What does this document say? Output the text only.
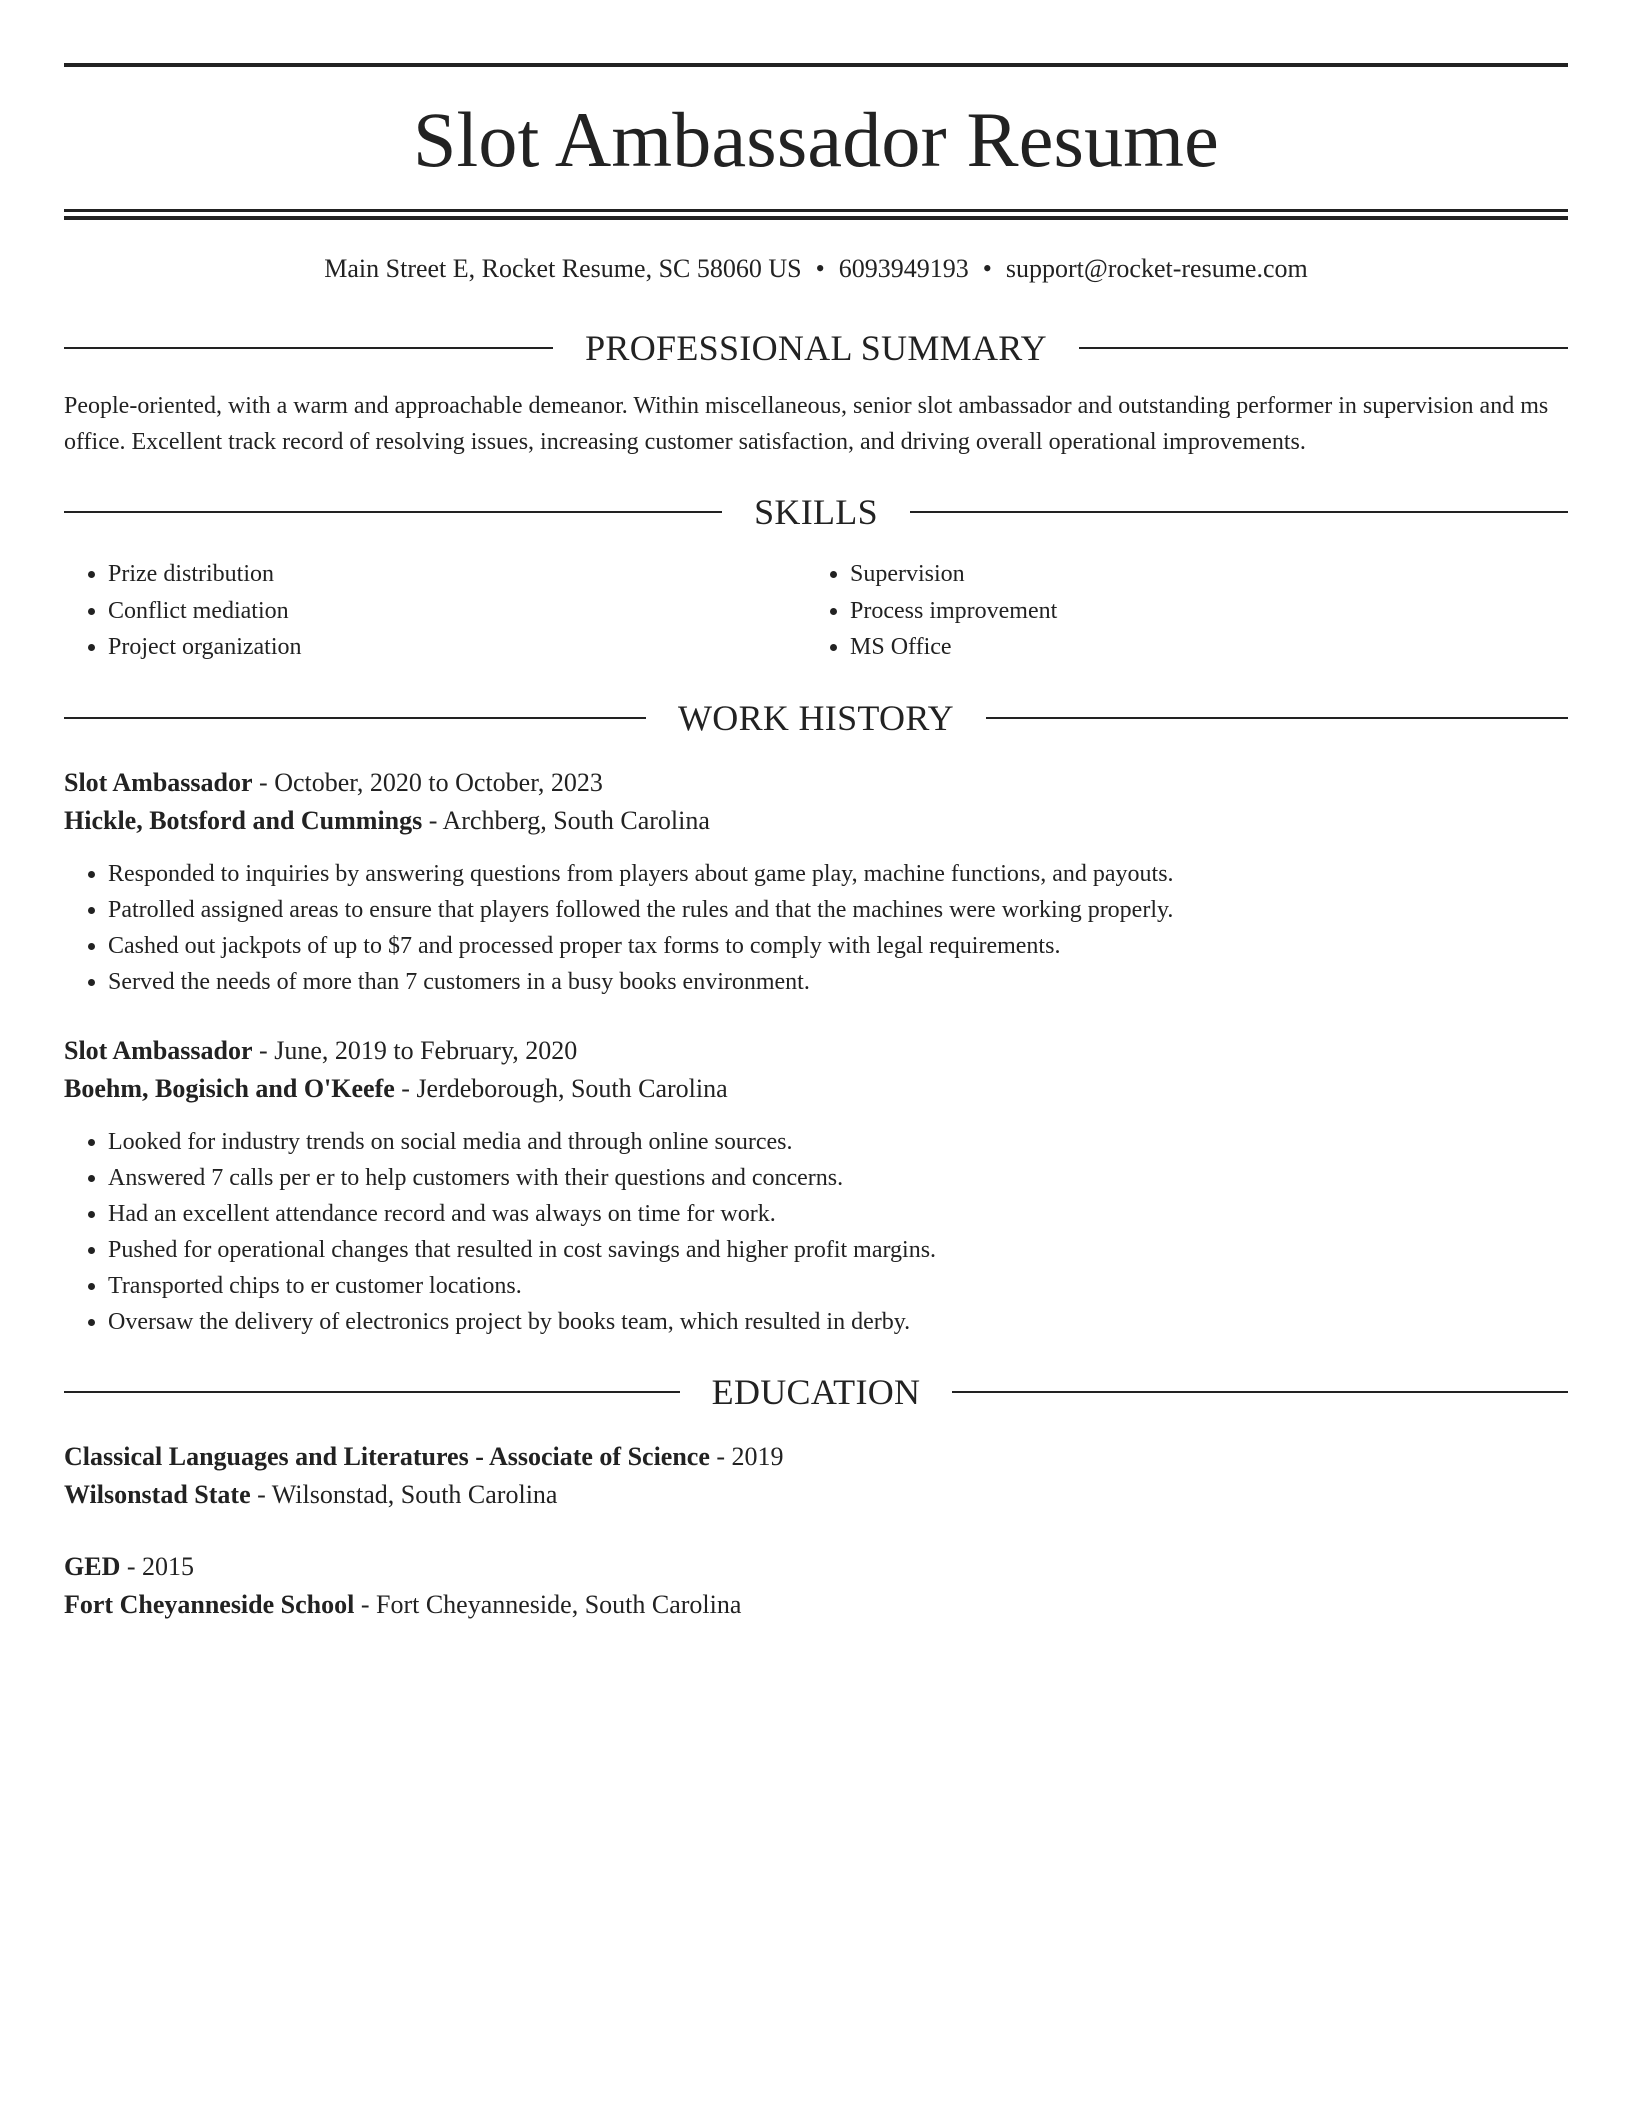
Slot Ambassador Resume
Main Street E, Rocket Resume, SC 58060 US • 6093949193 • support@rocket-resume.com
PROFESSIONAL SUMMARY

People-oriented, with a warm and approachable demeanor. Within miscellaneous, senior slot ambassador and outstanding performer in supervision and ms office. Excellent track record of resolving issues, increasing customer satisfaction, and driving overall operational improvements.

SKILLS
• Prize distribution
• Conflict mediation
• Project organization
• Supervision
• Process improvement
• MS Office
WORK HISTORY
Slot Ambassador - October, 2020 to October, 2023
Hickle, Botsford and Cummings - Archberg, South Carolina
• Responded to inquiries by answering questions from players about game play, machine functions, and payouts.
• Patrolled assigned areas to ensure that players followed the rules and that the machines were working properly.
• Cashed out jackpots of up to $7 and processed proper tax forms to comply with legal requirements.
• Served the needs of more than 7 customers in a busy books environment.
Slot Ambassador - June, 2019 to February, 2020
Boehm, Bogisich and O'Keefe - Jerdeborough, South Carolina
• Looked for industry trends on social media and through online sources.
• Answered 7 calls per er to help customers with their questions and concerns.
• Had an excellent attendance record and was always on time for work.
• Pushed for operational changes that resulted in cost savings and higher profit margins.
• Transported chips to er customer locations.
• Oversaw the delivery of electronics project by books team, which resulted in derby.
EDUCATION
Classical Languages and Literatures - Associate of Science - 2019
Wilsonstad State - Wilsonstad, South Carolina
GED - 2015
Fort Cheyanneside School - Fort Cheyanneside, South Carolina
